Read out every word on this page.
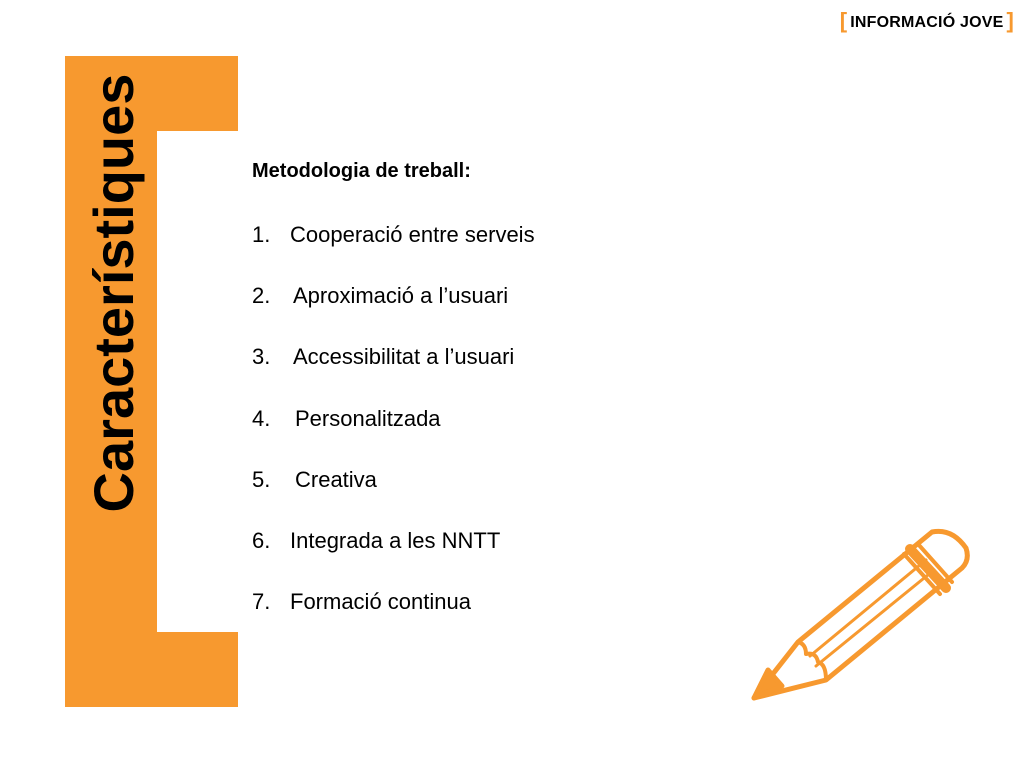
[ INFORMACIÓ JOVE ]
Característiques	Metodologia de treball:
1. Cooperació entre serveis
2.	Aproximació a l’usuari
3.	Accessibilitat a l’usuari
4.	Personalitzada
5.	Creativa
6. Integrada a les NNTT
7. Formació continua
